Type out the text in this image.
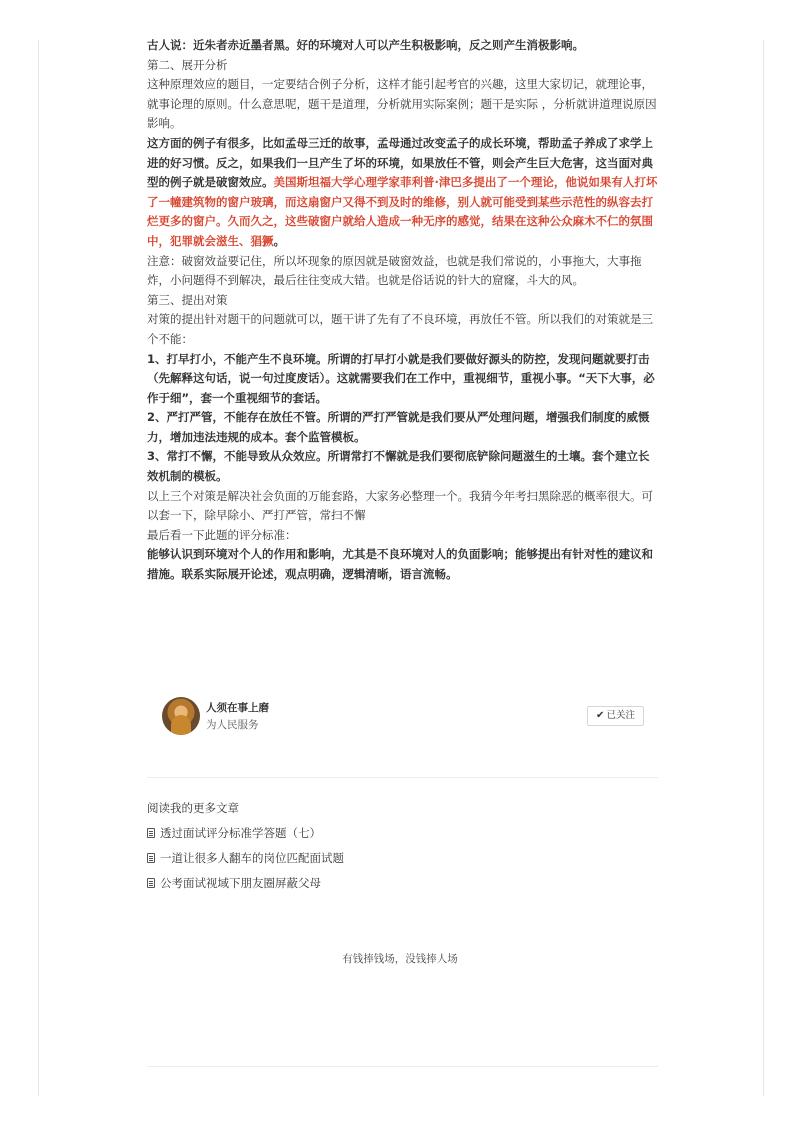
古人说：近朱者赤近墨者黑。好的环境对人可以产生积极影响，反之则产生消极影响。

第二、展开分析

这种原理效应的题目，一定要结合例子分析，这样才能引起考官的兴趣，这里大家切记，就理论事，就事论理的原则。什么意思呢，题干是道理，分析就用实际案例；题干是实际 ，分析就讲道理说原因影响。

这方面的例子有很多，比如孟母三迁的故事，孟母通过改变孟子的成长环境，帮助孟子养成了求学上进的好习惯。反之，如果我们一旦产生了坏的环境，如果放任不管，则会产生巨大危害，这当面对典型的例子就是破窗效应。美国斯坦福大学心理学家菲利普·津巴多提出了一个理论，他说如果有人打坏了一幢建筑物的窗户玻璃，而这扇窗户又得不到及时的维修，别人就可能受到某些示范性的纵容去打烂更多的窗户。久而久之，这些破窗户就给人造成一种无序的感觉，结果在这种公众麻木不仁的氛围中，犯罪就会滋生、猖獗。

注意：破窗效益要记住，所以坏现象的原因就是破窗效益，也就是我们常说的，小事拖大，大事拖炸，小问题得不到解决，最后往往变成大错。也就是俗话说的针大的窟窿，斗大的风。

第三、提出对策

对策的提出针对题干的问题就可以，题干讲了先有了不良环境，再放任不管。所以我们的对策就是三个不能：

1、打早打小，不能产生不良环境。所谓的打早打小就是我们要做好源头的防控，发现问题就要打击（先解释这句话，说一句过度废话）。这就需要我们在工作中，重视细节，重视小事。“天下大事，必作于细”，套一个重视细节的套话。

2、严打严管，不能存在放任不管。所谓的严打严管就是我们要从严处理问题，增强我们制度的威慑力，增加违法违规的成本。套个监管模板。

3、常打不懈，不能导致从众效应。所谓常打不懈就是我们要彻底铲除问题滋生的土壤。套个建立长效机制的模板。

以上三个对策是解决社会负面的万能套路，大家务必整理一个。我猜今年考扫黑除恶的概率很大。可以套一下，除早除小、严打严管，常扫不懈

最后看一下此题的评分标准：

能够认识到环境对个人的作用和影响，尤其是不良环境对人的负面影响；能够提出有针对性的建议和措施。联系实际展开论述，观点明确，逻辑清晰，语言流畅。

人须在事上磨
为人民服务
✔ 已关注
阅读我的更多文章
透过面试评分标准学答题（七）
一道让很多人翻车的岗位匹配面试题
公考面试视域下朋友圈屏蔽父母
有钱捧钱场，没钱捧人场
